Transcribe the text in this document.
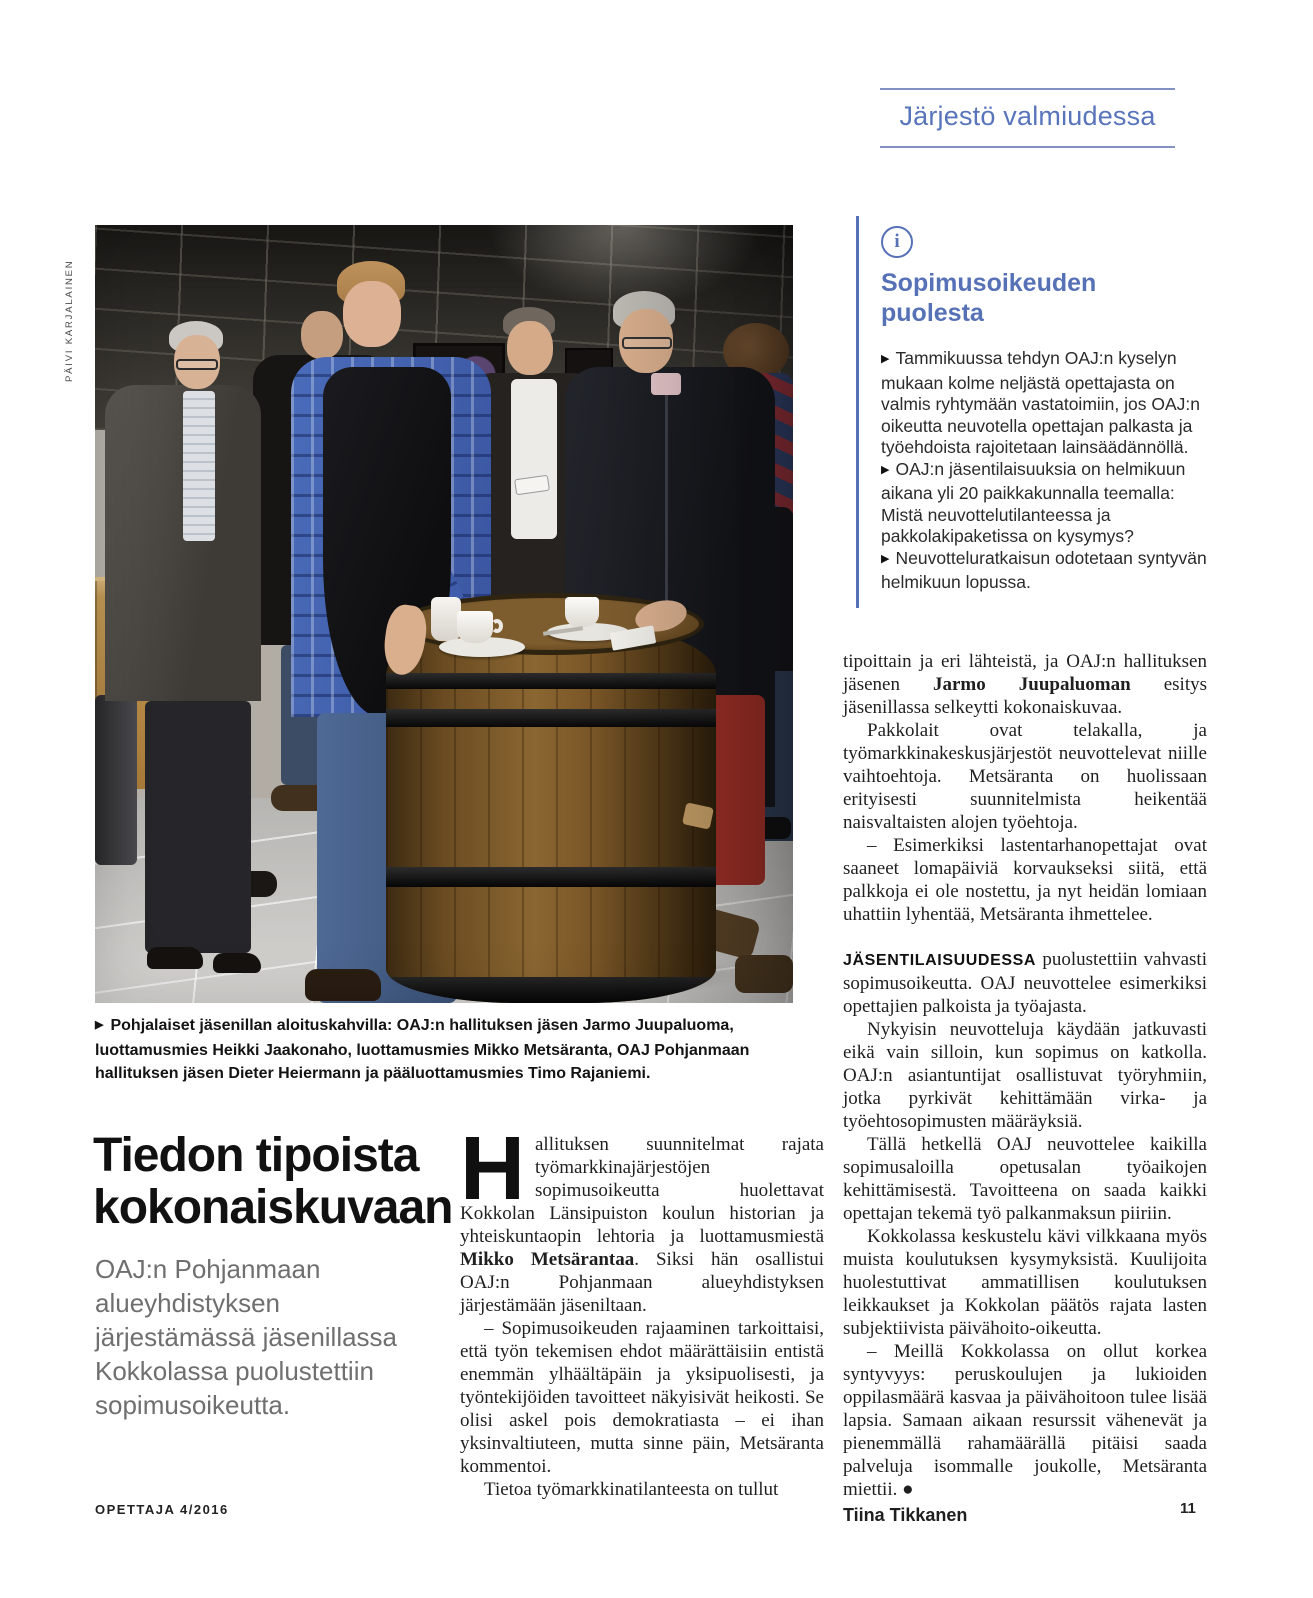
Järjestö valmiudessa
PÄIVI KARJALAINEN
▶ Pohjalaiset jäsenillan aloituskahvilla: OAJ:n hallituksen jäsen Jarmo Juupaluoma, luottamusmies Heikki Jaakonaho, luottamusmies Mikko Metsäranta, OAJ Pohjanmaan hallituksen jäsen Dieter Heiermann ja pääluottamusmies Timo Rajaniemi.
Tiedon tipoista
kokonaiskuvaan
OAJ:n Pohjanmaan alueyhdistyksen järjestämässä jäsenillassa Kokkolassa puolustettiin sopimusoikeutta.

Hallituksen suunnitelmat rajata työmarkkinajärjestöjen sopimusoikeutta huolettavat Kokkolan Länsipuiston koulun historian ja yhteiskuntaopin lehtoria ja luottamusmiestä Mikko Metsärantaa. Siksi hän osallistui OAJ:n Pohjanmaan alueyhdistyksen järjestämään jäseniltaan.

– Sopimusoikeuden rajaaminen tarkoittaisi, että työn tekemisen ehdot määrättäisiin entistä enemmän ylhäältäpäin ja yksipuolisesti, ja työntekijöiden tavoitteet näkyisivät heikosti. Se olisi askel pois demokratiasta – ei ihan yksinvaltiuteen, mutta sinne päin, Metsäranta kommentoi.

Tietoa työmarkkinatilanteesta on tullut

i
Sopimusoikeuden puolesta

▶ Tammikuussa tehdyn OAJ:n kyselyn mukaan kolme neljästä opettajasta on valmis ryhtymään vastatoimiin, jos OAJ:n oikeutta neuvotella opettajan palkasta ja työehdoista rajoitetaan lainsäädännöllä.

▶ OAJ:n jäsentilaisuuksia on helmikuun aikana yli 20 paikkakunnalla teemalla: Mistä neuvottelutilanteessa ja pakkolakipaketissa on kysymys?

▶ Neuvotteluratkaisun odotetaan syntyvän helmikuun lopussa.

tipoittain ja eri lähteistä, ja OAJ:n hallituksen jäsenen Jarmo Juupaluoman esitys jäsenillassa selkeytti kokonaiskuvaa.

Pakkolait ovat telakalla, ja työmarkkinakeskusjärjestöt neuvottelevat niille vaihtoehtoja. Metsäranta on huolissaan erityisesti suunnitelmista heikentää naisvaltaisten alojen työehtoja.

– Esimerkiksi lastentarhanopettajat ovat saaneet lomapäiviä korvaukseksi siitä, että palkkoja ei ole nostettu, ja nyt heidän lomiaan uhattiin lyhentää, Metsäranta ihmettelee.

JÄSENTILAISUUDESSA puolustettiin vahvasti sopimusoikeutta. OAJ neuvottelee esimerkiksi opettajien palkoista ja työajasta.

Nykyisin neuvotteluja käydään jatkuvasti eikä vain silloin, kun sopimus on katkolla. OAJ:n asiantuntijat osallistuvat työryhmiin, jotka pyrkivät kehittämään virka- ja työehtosopimusten määräyksiä.

Tällä hetkellä OAJ neuvottelee kaikilla sopimusaloilla opetusalan työaikojen kehittämisestä. Tavoitteena on saada kaikki opettajan tekemä työ palkanmaksun piiriin.

Kokkolassa keskustelu kävi vilkkaana myös muista koulutuksen kysymyksistä. Kuulijoita huolestuttivat ammatillisen koulutuksen leikkaukset ja Kokkolan päätös rajata lasten subjektiivista päivähoito-oikeutta.

– Meillä Kokkolassa on ollut korkea syntyvyys: peruskoulujen ja lukioiden oppilasmäärä kasvaa ja päivähoitoon tulee lisää lapsia. Samaan aikaan resurssit vähenevät ja pienemmällä rahamäärällä pitäisi saada palveluja isommalle joukolle, Metsäranta miettii. ●

Tiina Tikkanen

OPETTAJA 4/2016	11
